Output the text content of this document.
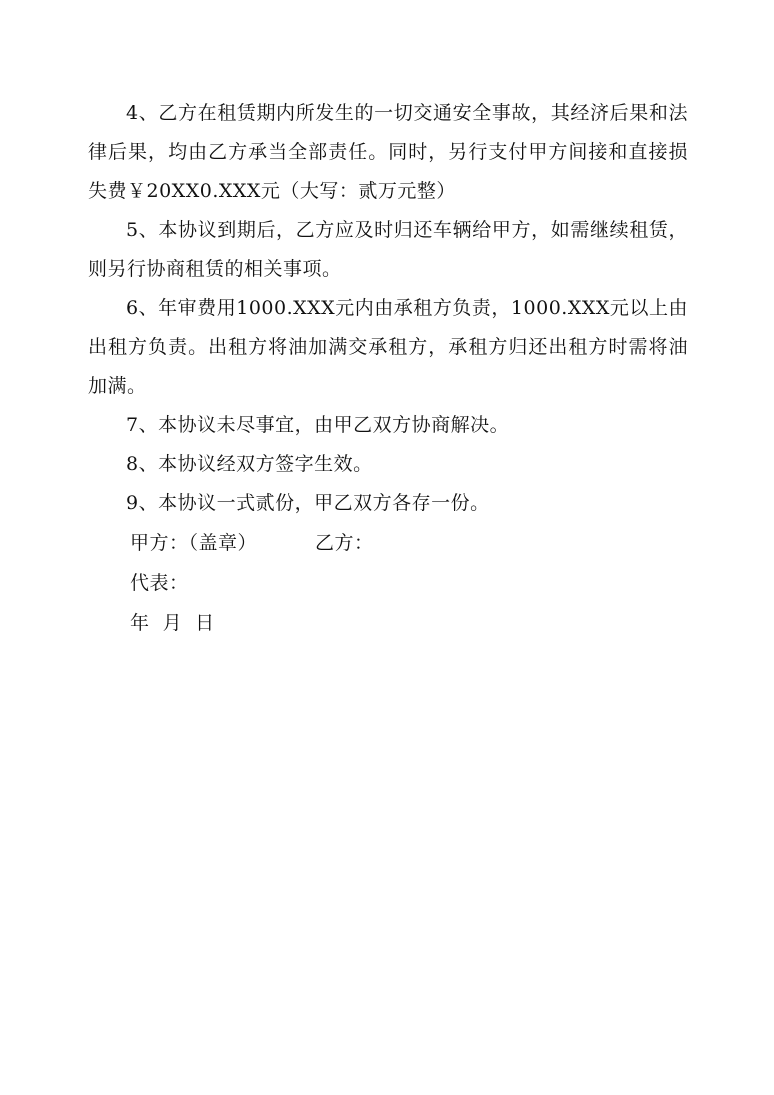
4、乙方在租赁期内所发生的一切交通安全事故，其经济后果和法律后果，均由乙方承当全部责任。同时，另行支付甲方间接和直接损失费￥20XX0.XXX元（大写：贰万元整）

5、本协议到期后，乙方应及时归还车辆给甲方，如需继续租赁，则另行协商租赁的相关事项。

6、年审费用1000.XXX元内由承租方负责，1000.XXX元以上由出租方负责。出租方将油加满交承租方，承租方归还出租方时需将油加满。

7、本协议未尽事宜，由甲乙双方协商解决。

8、本协议经双方签字生效。

9、本协议一式贰份，甲乙双方各存一份。

甲方：（盖章）	乙方：
代表：
年  月  日
